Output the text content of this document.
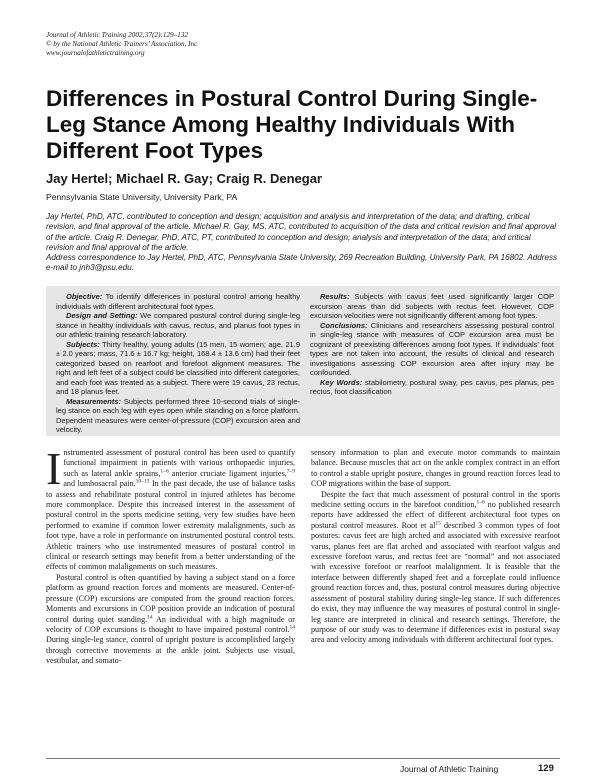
Journal of Athletic Training 2002;37(2):129–132
© by the National Athletic Trainers’ Association, Inc
www.journalofathletictraining.org
Differences in Postural Control During Single-Leg Stance Among Healthy Individuals With Different Foot Types
Jay Hertel; Michael R. Gay; Craig R. Denegar
Pennsylvania State University, University Park, PA

Jay Hertel, PhD, ATC, contributed to conception and design; acquisition and analysis and interpretation of the data; and drafting, critical revision, and final approval of the article. Michael R. Gay, MS, ATC, contributed to acquisition of the data and critical revision and final approval of the article. Craig R. Denegar, PhD, ATC, PT, contributed to conception and design; analysis and interpretation of the data; and critical revision and final approval of the article.

Address correspondence to Jay Hertel, PhD, ATC, Pennsylvania State University, 269 Recreation Building, University Park, PA 16802. Address e-mail to jnh3@psu.edu.

Objective: To identify differences in postural control among healthy individuals with different architectural foot types.

Design and Setting: We compared postural control during single-leg stance in healthy individuals with cavus, rectus, and planus foot types in our athletic training research laboratory.

Subjects: Thirty healthy, young adults (15 men, 15 women; age, 21.9 ± 2.0 years; mass, 71.6 ± 16.7 kg; height, 168.4 ± 13.6 cm) had their feet categorized based on rearfoot and forefoot alignment measures. The right and left feet of a subject could be classified into different categories, and each foot was treated as a subject. There were 19 cavus, 23 rectus, and 18 planus feet.

Measurements: Subjects performed three 10-second trials of single-leg stance on each leg with eyes open while standing on a force platform. Dependent measures were center-of-pressure (COP) excursion area and velocity.

Results: Subjects with cavus feet used significantly larger COP excursion areas than did subjects with rectus feet. However, COP excursion velocities were not significantly different among foot types.

Conclusions: Clinicians and researchers assessing postural control in single-leg stance with measures of COP excursion area must be cognizant of preexisting differences among foot types. If individuals’ foot types are not taken into account, the results of clinical and research investigations assessing COP excursion area after injury may be confounded.

Key Words: stabilometry, postural sway, pes cavus, pes planus, pes rectus, foot classification

Instrumented assessment of postural control has been used to quantify functional impairment in patients with various orthopaedic injuries, such as lateral ankle sprains,$^{1-6}$ anterior cruciate ligament injuries,$^{7-9}$ and lumbosacral pain.$^{10-13}$ In the past decade, the use of balance tasks to assess and rehabilitate postural control in injured athletes has become more commonplace. Despite this increased interest in the assessment of postural control in the sports medicine setting, very few studies have been performed to examine if common lower extremity malalignments, such as foot type, have a role in performance on instrumented postural control tests. Athletic trainers who use instrumented measures of postural control in clinical or research settings may benefit from a better understanding of the effects of common malalignments on such measures.

Postural control is often quantified by having a subject stand on a force platform as ground reaction forces and moments are measured. Center-of-pressure (COP) excursions are computed from the ground reaction forces. Moments and excursions in COP position provide an indication of postural control during quiet standing.$^{14}$ An individual with a high magnitude or velocity of COP excursions is thought to have impaired postural control.$^{14}$ During single-leg stance, control of upright posture is accomplished largely through corrective movements at the ankle joint. Subjects use visual, vestibular, and somato-

sensory information to plan and execute motor commands to maintain balance. Because muscles that act on the ankle complex contract in an effort to control a stable upright posture, changes in ground reaction forces lead to COP migrations within the base of support.

Despite the fact that much assessment of postural control in the sports medicine setting occurs in the barefoot condition,$^{1-6}$ no published research reports have addressed the effect of different architectural foot types on postural control measures. Root et $al^{15}$ described 3 common types of foot postures: cavus feet are high arched and associated with excessive rearfoot varus, planus feet are flat arched and associated with rearfoot valgus and excessive forefoot varus, and rectus feet are “normal” and not associated with excessive forefoot or rearfoot malalignment. It is feasible that the interface between differently shaped feet and a forceplate could influence ground reaction forces and, thus, postural control measures during objective assessment of postural stability during single-leg stance. If such differences do exist, they may influence the way measures of postural control in single-leg stance are interpreted in clinical and research settings. Therefore, the purpose of our study was to determine if differences exist in postural sway area and velocity among individuals with different architectural foot types.

Journal of Athletic Training	129
